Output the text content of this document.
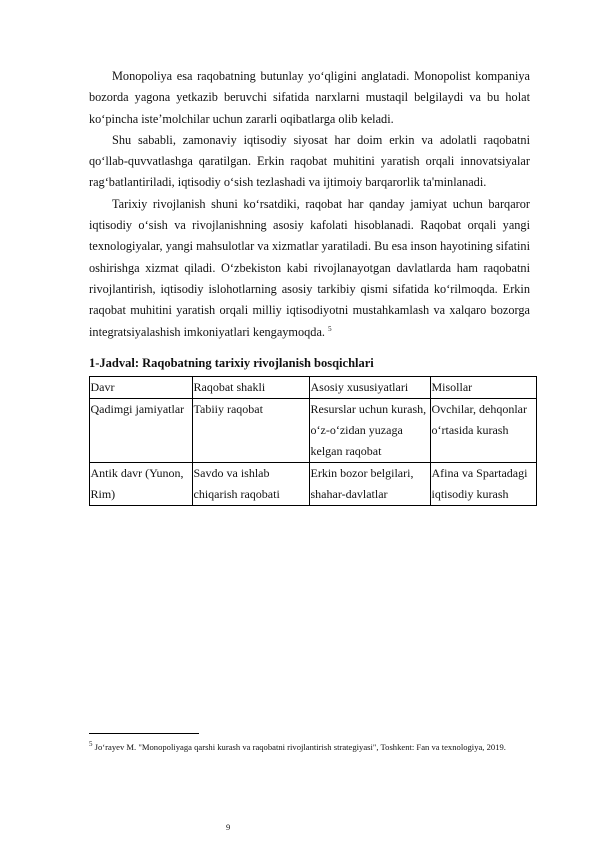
Monopoliya esa raqobatning butunlay yo‘qligini anglatadi. Monopolist kompaniya bozorda yagona yetkazib beruvchi sifatida narxlarni mustaqil belgilaydi va bu holat ko‘pincha iste’molchilar uchun zararli oqibatlarga olib keladi.

Shu sababli, zamonaviy iqtisodiy siyosat har doim erkin va adolatli raqobatni qo‘llab-quvvatlashga qaratilgan. Erkin raqobat muhitini yaratish orqali innovatsiyalar rag‘batlantiriladi, iqtisodiy o‘sish tezlashadi va ijtimoiy barqarorlik ta'minlanadi.

Tarixiy rivojlanish shuni ko‘rsatdiki, raqobat har qanday jamiyat uchun barqaror iqtisodiy o‘sish va rivojlanishning asosiy kafolati hisoblanadi. Raqobat orqali yangi texnologiyalar, yangi mahsulotlar va xizmatlar yaratiladi. Bu esa inson hayotining sifatini oshirishga xizmat qiladi. O‘zbekiston kabi rivojlanayotgan davlatlarda ham raqobatni rivojlantirish, iqtisodiy islohotlarning asosiy tarkibiy qismi sifatida ko‘rilmoqda. Erkin raqobat muhitini yaratish orqali milliy iqtisodiyotni mustahkamlash va xalqaro bozorga integratsiyalashish imkoniyatlari kengaymoqda. $^5$

1-Jadval: Raqobatning tarixiy rivojlanish bosqichlari
Davr	Raqobat shakli	Asosiy xususiyatlari	Misollar
Qadimgi jamiyatlar	Tabiiy raqobat	Resurslar uchun kurash, o‘z-o‘zidan yuzaga kelgan raqobat	Ovchilar, dehqonlar o‘rtasida kurash
Antik davr (Yunon, Rim)	Savdo va ishlab chiqarish raqobati	Erkin bozor belgilari, shahar-davlatlar	Afina va Spartadagi iqtisodiy kurash
$^5$ Jo‘rayev M. "Monopoliyaga qarshi kurash va raqobatni rivojlantirish strategiyasi", Toshkent: Fan va texnologiya, 2019.
9
